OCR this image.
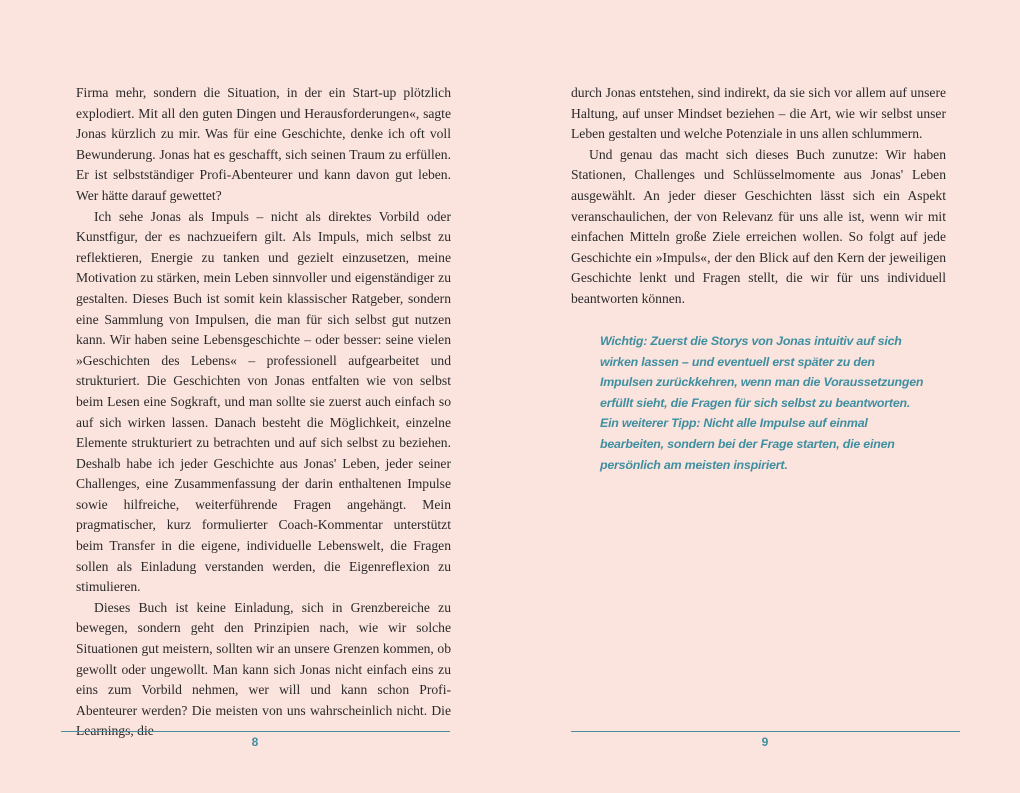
Firma mehr, sondern die Situation, in der ein Start-up plötzlich explodiert. Mit all den guten Dingen und Herausforderungen«, sagte Jonas kürzlich zu mir. Was für eine Geschichte, denke ich oft voll Bewunderung. Jonas hat es geschafft, sich seinen Traum zu erfüllen. Er ist selbstständiger Profi-Abenteurer und kann davon gut leben. Wer hätte darauf gewettet?

Ich sehe Jonas als Impuls – nicht als direktes Vorbild oder Kunstfigur, der es nachzueifern gilt. Als Impuls, mich selbst zu reflektieren, Energie zu tanken und gezielt einzusetzen, meine Motivation zu stärken, mein Leben sinnvoller und eigenständiger zu gestalten. Dieses Buch ist somit kein klassischer Ratgeber, sondern eine Sammlung von Impulsen, die man für sich selbst gut nutzen kann. Wir haben seine Lebensgeschichte – oder besser: seine vielen »Geschichten des Lebens« – professionell aufgearbeitet und strukturiert. Die Geschichten von Jonas entfalten wie von selbst beim Lesen eine Sogkraft, und man sollte sie zuerst auch einfach so auf sich wirken lassen. Danach besteht die Möglichkeit, einzelne Elemente strukturiert zu betrachten und auf sich selbst zu beziehen. Deshalb habe ich jeder Geschichte aus Jonas' Leben, jeder seiner Challenges, eine Zusammenfassung der darin enthaltenen Impulse sowie hilfreiche, weiterführende Fragen angehängt. Mein pragmatischer, kurz formulierter Coach-Kommentar unterstützt beim Transfer in die eigene, individuelle Lebenswelt, die Fragen sollen als Einladung verstanden werden, die Eigenreflexion zu stimulieren.

Dieses Buch ist keine Einladung, sich in Grenzbereiche zu bewegen, sondern geht den Prinzipien nach, wie wir solche Situationen gut meistern, sollten wir an unsere Grenzen kommen, ob gewollt oder ungewollt. Man kann sich Jonas nicht einfach eins zu eins zum Vorbild nehmen, wer will und kann schon Profi-Abenteurer werden? Die meisten von uns wahrscheinlich nicht. Die Learnings, die

8

durch Jonas entstehen, sind indirekt, da sie sich vor allem auf unsere Haltung, auf unser Mindset beziehen – die Art, wie wir selbst unser Leben gestalten und welche Potenziale in uns allen schlummern.

Und genau das macht sich dieses Buch zunutze: Wir haben Stationen, Challenges und Schlüsselmomente aus Jonas' Leben ausgewählt. An jeder dieser Geschichten lässt sich ein Aspekt veranschaulichen, der von Relevanz für uns alle ist, wenn wir mit einfachen Mitteln große Ziele erreichen wollen. So folgt auf jede Geschichte ein »Impuls«, der den Blick auf den Kern der jeweiligen Geschichte lenkt und Fragen stellt, die wir für uns individuell beantworten können.

Wichtig: Zuerst die Storys von Jonas intuitiv auf sich wirken lassen – und eventuell erst später zu den Impulsen zurückkehren, wenn man die Voraussetzungen erfüllt sieht, die Fragen für sich selbst zu beantworten. Ein weiterer Tipp: Nicht alle Impulse auf einmal bearbeiten, sondern bei der Frage starten, die einen persönlich am meisten inspiriert.
9
